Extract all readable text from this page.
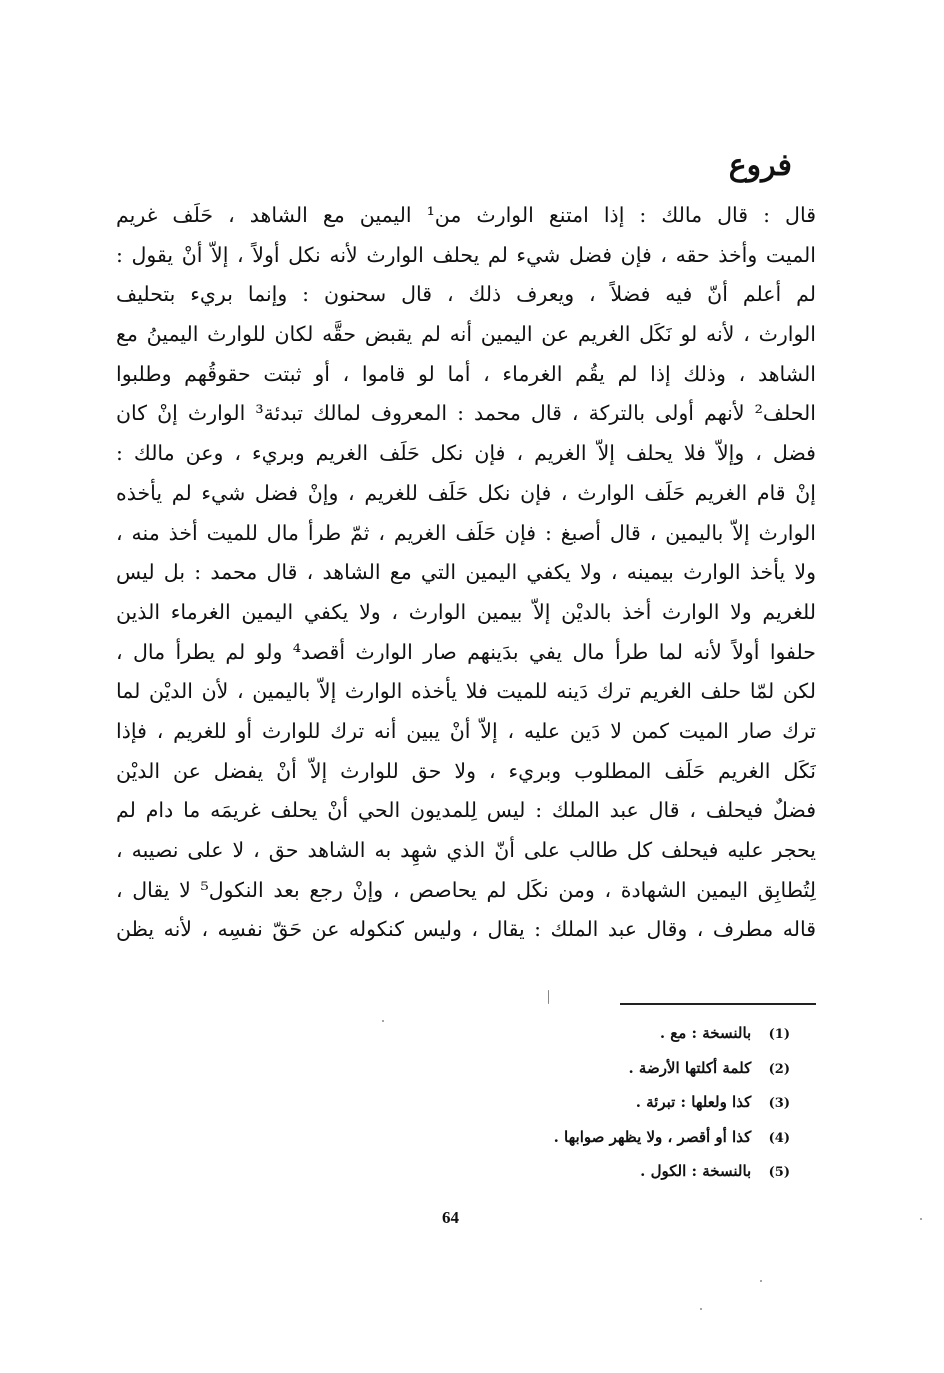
فروع
قال : قال مالك : إذا امتنع الوارث من¹ اليمين مع الشاهد ، حَلَف غريم
الميت وأخذ حقه ، فإن فضل شيء لم يحلف الوارث لأنه نكل أولاً ، إلاّ أنْ يقول :
لم أعلم أنّ فيه فضلاً ، ويعرف ذلك ، قال سحنون : وإنما بريء بتحليف
الوارث ، لأنه لو نَكَل الغريم عن اليمين أنه لم يقبض حقَّه لكان للوارث اليمينُ مع
الشاهد ، وذلك إذا لم يقُم الغرماء ، أما لو قاموا ، أو ثبتت حقوقُهم وطلبوا
الحلف² لأنهم أولى بالتركة ، قال محمد : المعروف لمالك تبدئة³ الوارث إنْ كان
فضل ، وإلاّ فلا يحلف إلاّ الغريم ، فإن نكل حَلَف الغريم وبريء ، وعن مالك :
إنْ قام الغريم حَلَف الوارث ، فإن نكل حَلَف للغريم ، وإنْ فضل شيء لم يأخذه
الوارث إلاّ باليمين ، قال أصبغ : فإن حَلَف الغريم ، ثمّ طرأ مال للميت أخذ منه ،
ولا يأخذ الوارث بيمينه ، ولا يكفي اليمين التي مع الشاهد ، قال محمد : بل ليس
للغريم ولا الوارث أخذ بالديْن إلاّ بيمين الوارث ، ولا يكفي اليمين الغرماء الذين
حلفوا أولاً لأنه لما طرأ مال يفي بدَينهم صار الوارث أقصد⁴ ولو لم يطرأ مال ،
لكن لمّا حلف الغريم ترك دَينه للميت فلا يأخذه الوارث إلاّ باليمين ، لأن الديْن لما
ترك صار الميت كمن لا دَين عليه ، إلاّ أنْ يبين أنه ترك للوارث أو للغريم ، فإذا
نَكَل الغريم حَلَف المطلوب وبريء ، ولا حق للوارث إلاّ أنْ يفضل عن الديْن
فضلٌ فيحلف ، قال عبد الملك : ليس لِلمديون الحي أنْ يحلف غريمَه ما دام لم
يحجر عليه فيحلف كل طالب على أنّ الذي شهِد به الشاهد حق ، لا على نصيبه ،
لِتُطابِق اليمين الشهادة ، ومن نكَل لم يحاصص ، وإنْ رجع بعد النكول⁵ لا يقال ،
قاله مطرف ، وقال عبد الملك : يقال ، وليس كنكوله عن حَقّ نفسِه ، لأنه يظن
(1) بالنسخة : مع .
(2) كلمة أكلتها الأرضة .
(3) كذا ولعلها : تبرئة .
(4) كذا أو أقصر ، ولا يظهر صوابها .
(5) بالنسخة : الكول .
64
